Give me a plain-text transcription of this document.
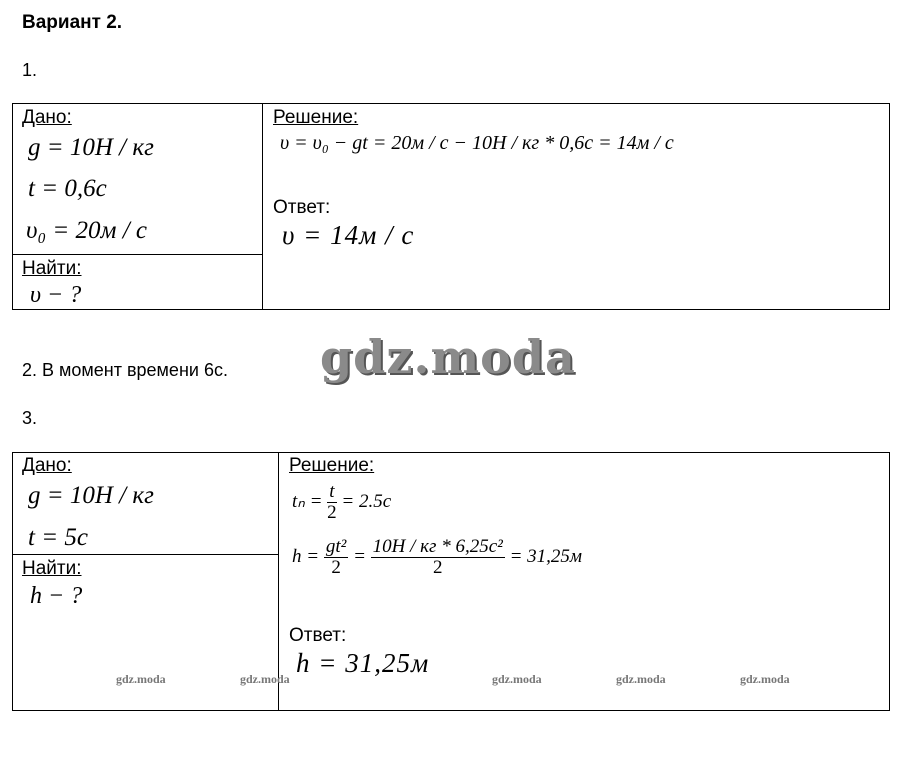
Вариант 2.
1.
Дано:
g = 10Н / кг
t = 0,6с
υ₀ = 20м / с
Найти:
υ − ?
Решение:
υ = υ₀ − gt = 20м / с − 10Н / кг * 0,6с = 14м / с
Ответ:
υ = 14м / с
2. В момент времени 6с. gdz.moda
3.
Дано:
g = 10Н / кг
t = 5с
Найти:
h − ?
Решение:
$t_n = \frac{t}{2} = 2.5с$
$h = \frac{\text{gt²}}{2} = \frac{\text{10Н / кг * 6,25с²}}{2} = 31,25м$
Ответ:
h = 31,25м
gdz.moda	gdz.moda	gdz.moda	gdz.moda	gdz.moda
